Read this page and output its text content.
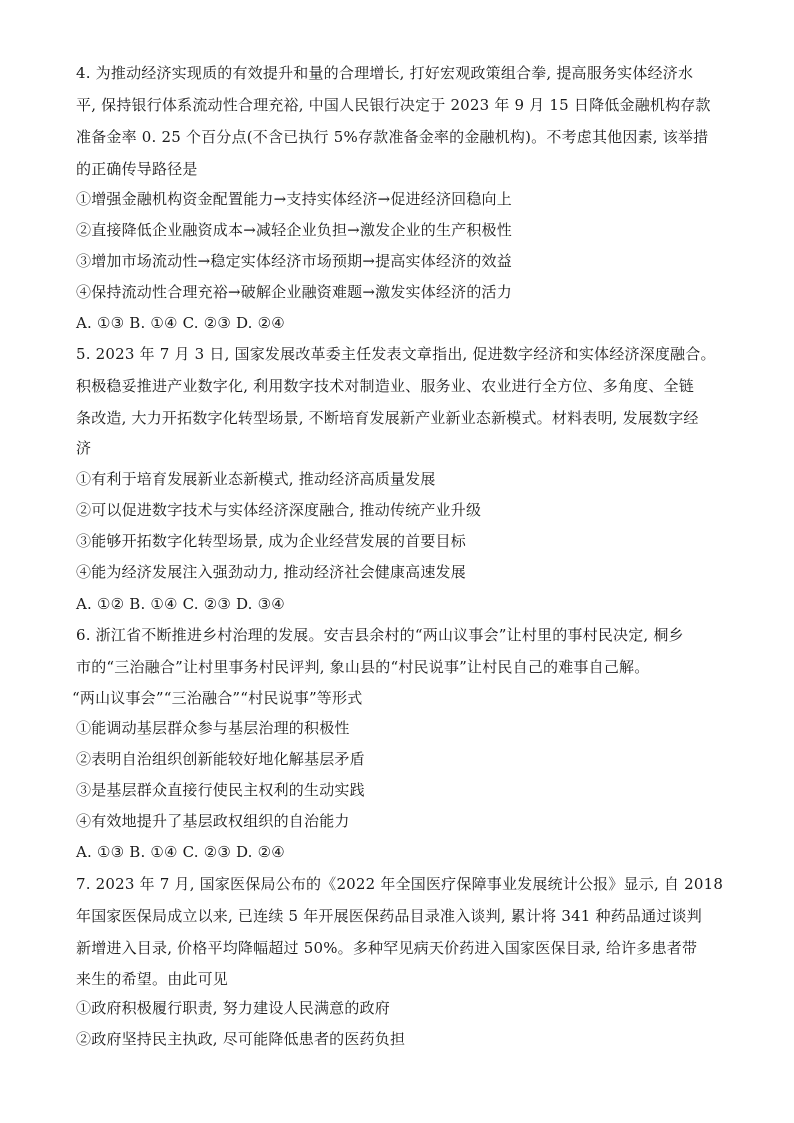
4. 为推动经济实现质的有效提升和量的合理增长, 打好宏观政策组合拳, 提高服务实体经济水
平, 保持银行体系流动性合理充裕, 中国人民银行决定于 2023 年 9 月 15 日降低金融机构存款
准备金率 0. 25 个百分点(不含已执行 5%存款准备金率的金融机构)。不考虑其他因素, 该举措
的正确传导路径是
①增强金融机构资金配置能力→支持实体经济→促进经济回稳向上
②直接降低企业融资成本→减轻企业负担→激发企业的生产积极性
③增加市场流动性→稳定实体经济市场预期→提高实体经济的效益
④保持流动性合理充裕→破解企业融资难题→激发实体经济的活力
A. ①③ B. ①④ C. ②③ D. ②④
5. 2023 年 7 月 3 日, 国家发展改革委主任发表文章指出, 促进数字经济和实体经济深度融合。
积极稳妥推进产业数字化, 利用数字技术对制造业、服务业、农业进行全方位、多角度、全链
条改造, 大力开拓数字化转型场景, 不断培育发展新产业新业态新模式。材料表明, 发展数字经
济
①有利于培育发展新业态新模式, 推动经济高质量发展
②可以促进数字技术与实体经济深度融合, 推动传统产业升级
③能够开拓数字化转型场景, 成为企业经营发展的首要目标
④能为经济发展注入强劲动力, 推动经济社会健康高速发展
A. ①② B. ①④ C. ②③ D. ③④
6. 浙江省不断推进乡村治理的发展。安吉县余村的“两山议事会”让村里的事村民决定, 桐乡
市的“三治融合”让村里事务村民评判, 象山县的“村民说事”让村民自己的难事自己解。
“两山议事会”“三治融合”“村民说事”等形式
①能调动基层群众参与基层治理的积极性
②表明自治组织创新能较好地化解基层矛盾
③是基层群众直接行使民主权利的生动实践
④有效地提升了基层政权组织的自治能力
A. ①③ B. ①④ C. ②③ D. ②④
7. 2023 年 7 月, 国家医保局公布的《2022 年全国医疗保障事业发展统计公报》显示, 自 2018
年国家医保局成立以来, 已连续 5 年开展医保药品目录准入谈判, 累计将 341 种药品通过谈判
新增进入目录, 价格平均降幅超过 50%。多种罕见病天价药进入国家医保目录, 给许多患者带
来生的希望。由此可见
①政府积极履行职责, 努力建设人民满意的政府
②政府坚持民主执政, 尽可能降低患者的医药负担
